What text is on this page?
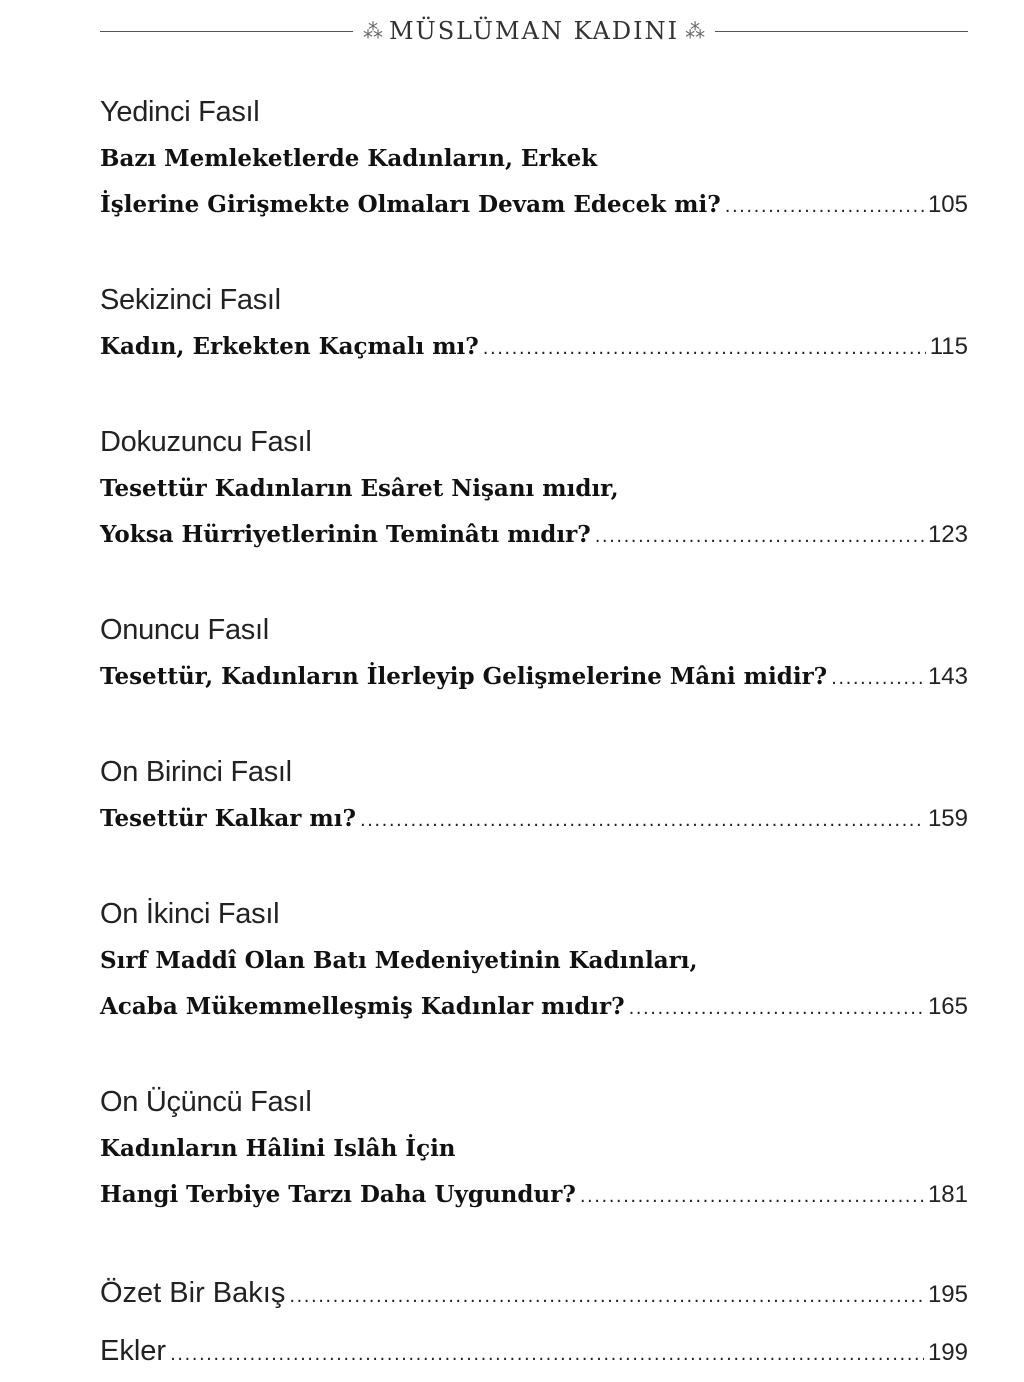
⁂ MÜSLÜMAN KADINI ⁂
Yedinci Fasıl
Bazı Memleketlerde Kadınların, Erkek
İşlerine Girişmekte Olmaları Devam Edecek mi? .....	105
Sekizinci Fasıl
Kadın, Erkekten Kaçmalı mı? .....	115
Dokuzuncu Fasıl
Tesettür Kadınların Esâret Nişanı mıdır,
Yoksa Hürriyetlerinin Teminâtı mıdır? .....	123
Onuncu Fasıl
Tesettür, Kadınların İlerleyip Gelişmelerine Mâni midir? .....	143
On Birinci Fasıl
Tesettür Kalkar mı? .....	159
On İkinci Fasıl
Sırf Maddî Olan Batı Medeniyetinin Kadınları,
Acaba Mükemmelleşmiş Kadınlar mıdır? .....	165
On Üçüncü Fasıl
Kadınların Hâlini Islâh İçin
Hangi Terbiye Tarzı Daha Uygundur? .....	181
Özet Bir Bakış .....	195
Ekler .....	199
